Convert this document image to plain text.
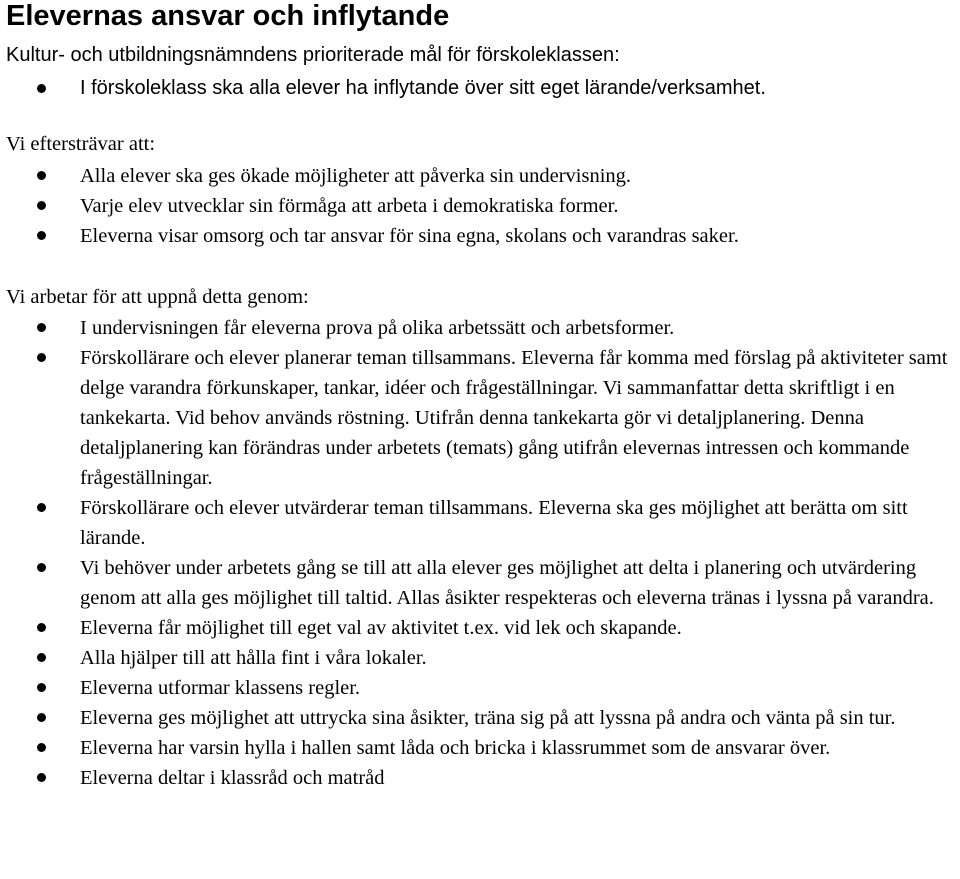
Elevernas ansvar och inflytande

Kultur- och utbildningsnämndens prioriterade mål för förskoleklassen:

I förskoleklass ska alla elever ha inflytande över sitt eget lärande/verksamhet.

Vi eftersträvar att:

Alla elever ska ges ökade möjligheter att påverka sin undervisning.
Varje elev utvecklar sin förmåga att arbeta i demokratiska former.
Eleverna visar omsorg och tar ansvar för sina egna, skolans och varandras saker.

Vi arbetar för att uppnå detta genom:

I undervisningen får eleverna prova på olika arbetssätt och arbetsformer.
Förskollärare och elever planerar teman tillsammans. Eleverna får komma med förslag på aktiviteter samt delge varandra förkunskaper, tankar, idéer och frågeställningar. Vi sammanfattar detta skriftligt i en tankekarta. Vid behov används röstning. Utifrån denna tankekarta gör vi detaljplanering. Denna detaljplanering kan förändras under arbetets (temats) gång utifrån elevernas intressen och kommande frågeställningar.
Förskollärare och elever utvärderar teman tillsammans. Eleverna ska ges möjlighet att berätta om sitt lärande.
Vi behöver under arbetets gång se till att alla elever ges möjlighet att delta i planering och utvärdering genom att alla ges möjlighet till taltid. Allas åsikter respekteras och eleverna tränas i lyssna på varandra.
Eleverna får möjlighet till eget val av aktivitet t.ex. vid lek och skapande.
Alla hjälper till att hålla fint i våra lokaler.
Eleverna utformar klassens regler.
Eleverna ges möjlighet att uttrycka sina åsikter, träna sig på att lyssna på andra och vänta på sin tur.
Eleverna har varsin hylla i hallen samt låda och bricka i klassrummet som de ansvarar över.
Eleverna deltar i klassråd och matråd
